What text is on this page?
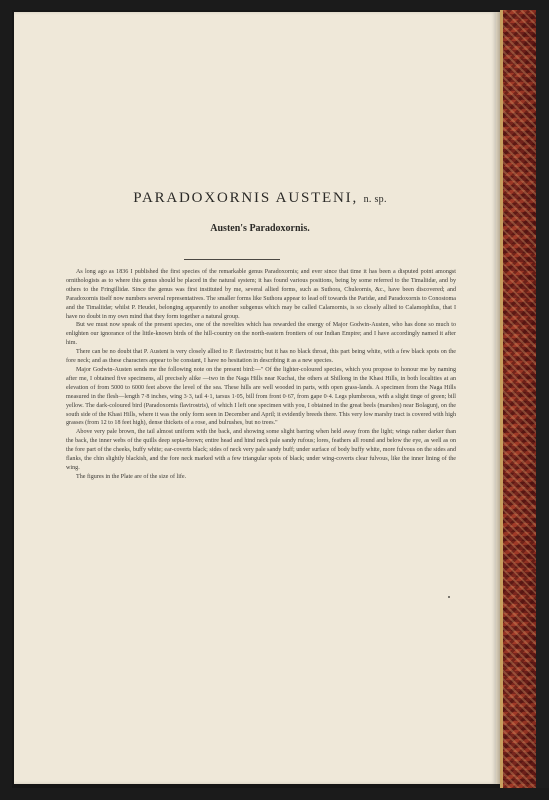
PARADOXORNIS AUSTENI, n. sp.
Austen's Paradoxornis.

As long ago as 1836 I published the first species of the remarkable genus Paradoxornis; and ever since that time it has been a disputed point amongst ornithologists as to where this genus should be placed in the natural system; it has found various positions, being by some referred to the Timaliidæ, and by others to the Fringillidæ. Since the genus was first instituted by me, several allied forms, such as Suthora, Chuleornis, &c., have been discovered; and Paradoxornis itself now numbers several representatives. The smaller forms like Suthora appear to lead off towards the Paridæ, and Paradoxornis to Conostoma and the Timaliidæ; whilst P. Heudei, belonging apparently to another subgenus which may be called Calamornis, is so closely allied to Calamophilus, that I have no doubt in my own mind that they form together a natural group.

But we must now speak of the present species, one of the novelties which has rewarded the energy of Major Godwin-Austen, who has done so much to enlighten our ignorance of the little-known birds of the hill-country on the north-eastern frontiers of our Indian Empire; and I have accordingly named it after him.

There can be no doubt that P. Austeni is very closely allied to P. flavirostris; but it has no black throat, this part being white, with a few black spots on the fore neck; and as these characters appear to be constant, I have no hesitation in describing it as a new species.

Major Godwin-Austen sends me the following note on the present bird:—" Of the lighter-coloured species, which you propose to honour me by naming after me, I obtained five specimens, all precisely alike —two in the Naga Hills near Kuchai, the others at Shillong in the Khasi Hills, in both localities at an elevation of from 5000 to 6000 feet above the level of the sea. These hills are well wooded in parts, with open grass-lands. A specimen from the Naga Hills measured in the flesh—length 7·8 inches, wing 3·3, tail 4·1, tarsus 1·05, bill from front 0·67, from gape 0·4. Legs plumbeous, with a slight tinge of green; bill yellow. The dark-coloured bird (Paradoxornis flavirostris), of which I left one specimen with you, I obtained in the great beels (marshes) near Bolagunj, on the south side of the Khasi Hills, where it was the only form seen in December and April; it evidently breeds there. This very low marshy tract is covered with high grasses (from 12 to 18 feet high), dense thickets of a rose, and bulrushes, but no trees."

Above very pale brown, the tail almost uniform with the back, and showing some slight barring when held away from the light; wings rather darker than the back, the inner webs of the quills deep sepia-brown; entire head and hind neck pale sandy rufous; lores, feathers all round and below the eye, as well as on the fore part of the cheeks, buffy white; ear-coverts black; sides of neck very pale sandy buff; under surface of body buffy white, more fulvous on the sides and flanks, the chin slightly blackish, and the fore neck marked with a few triangular spots of black; under wing-coverts clear fulvous, like the inner lining of the wing.

The figures in the Plate are of the size of life.
